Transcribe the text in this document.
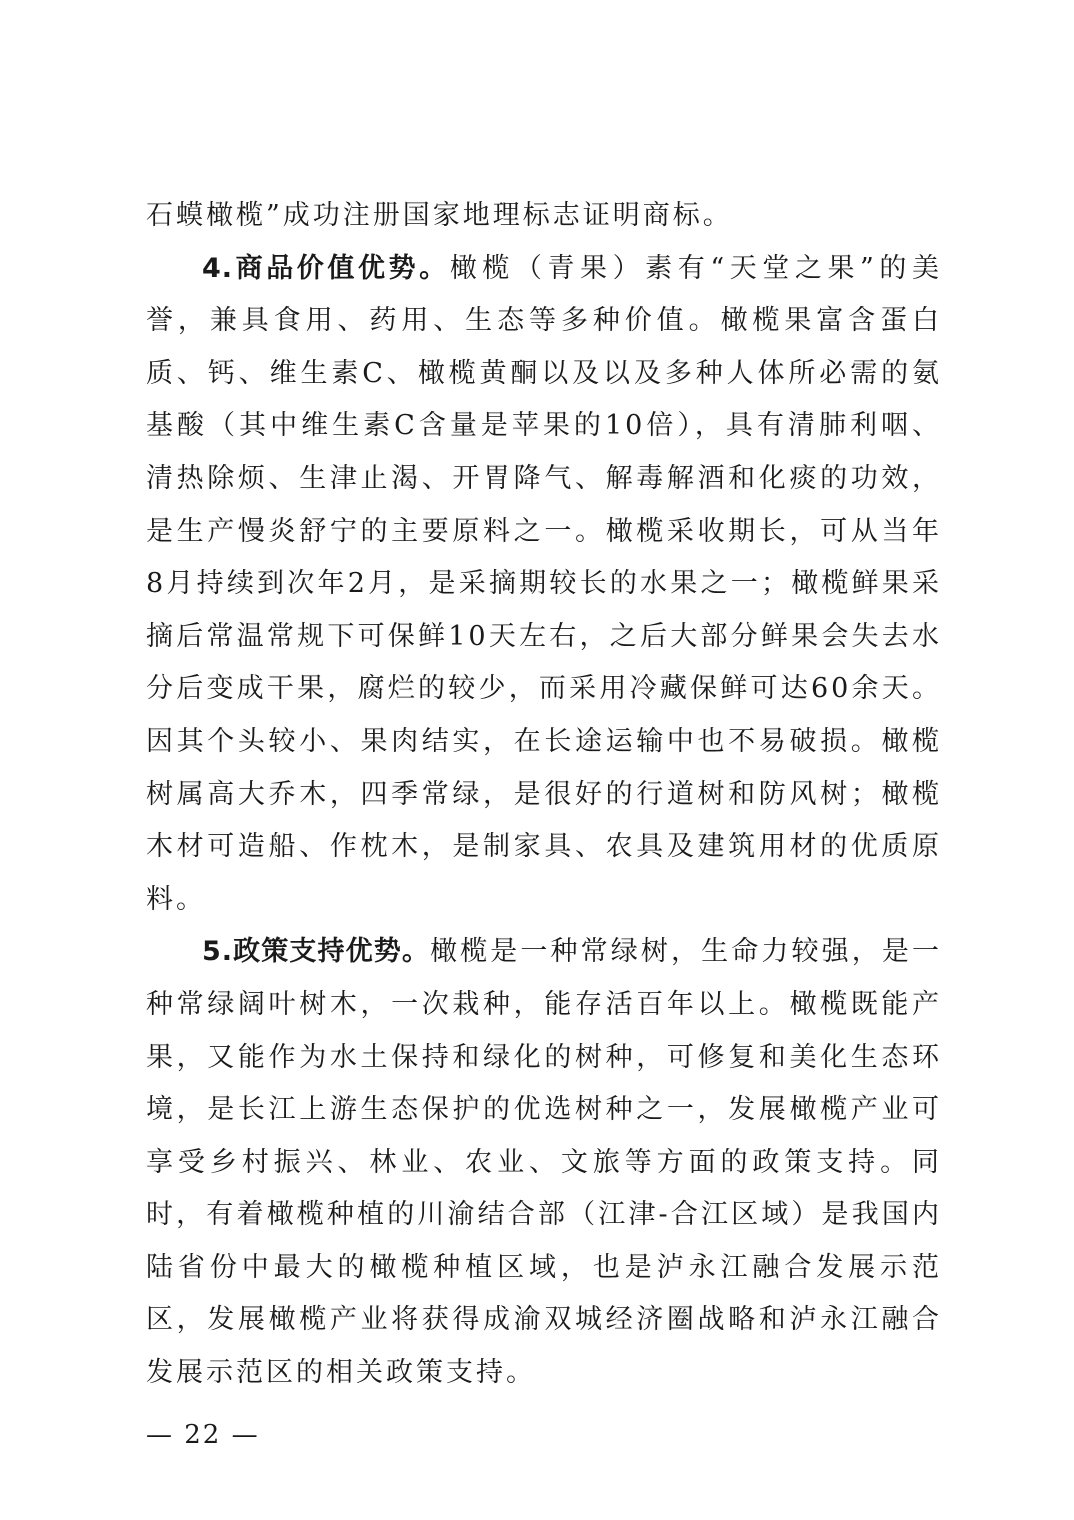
石蟆橄榄”成功注册国家地理标志证明商标。

4.商品价值优势。橄榄（青果）素有“天堂之果”的美誉，兼具食用、药用、生态等多种价值。橄榄果富含蛋白质、钙、维生素C、橄榄黄酮以及以及多种人体所必需的氨基酸（其中维生素C含量是苹果的10倍），具有清肺利咽、清热除烦、生津止渴、开胃降气、解毒解酒和化痰的功效，是生产慢炎舒宁的主要原料之一。橄榄采收期长，可从当年8月持续到次年2月，是采摘期较长的水果之一；橄榄鲜果采摘后常温常规下可保鲜10天左右，之后大部分鲜果会失去水分后变成干果，腐烂的较少，而采用冷藏保鲜可达60余天。因其个头较小、果肉结实，在长途运输中也不易破损。橄榄树属高大乔木，四季常绿，是很好的行道树和防风树；橄榄木材可造船、作枕木，是制家具、农具及建筑用材的优质原料。

5.政策支持优势。橄榄是一种常绿树，生命力较强，是一种常绿阔叶树木，一次栽种，能存活百年以上。橄榄既能产果，又能作为水土保持和绿化的树种，可修复和美化生态环境，是长江上游生态保护的优选树种之一，发展橄榄产业可享受乡村振兴、林业、农业、文旅等方面的政策支持。同时，有着橄榄种植的川渝结合部（江津-合江区域）是我国内陆省份中最大的橄榄种植区域，也是泸永江融合发展示范区，发展橄榄产业将获得成渝双城经济圈战略和泸永江融合发展示范区的相关政策支持。

— 22 —
